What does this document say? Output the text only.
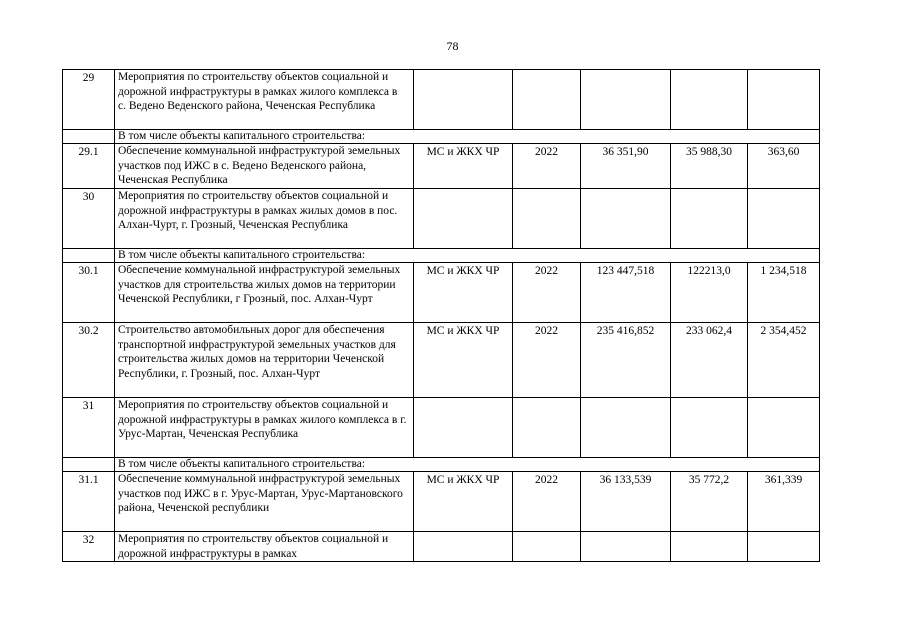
78
29	Мероприятия по строительству объектов социальной и дорожной инфраструктуры в рамках жилого комплекса в с. Ведено Веденского района, Чеченская Республика					
	В том числе объекты капитального строительства:					
29.1	Обеспечение коммунальной инфраструктурой земельных участков под ИЖС в с. Ведено Веденского района, Чеченская Республика	МС и ЖКХ ЧР	2022	36 351,90	35 988,30	363,60
30	Мероприятия по строительству объектов социальной и дорожной инфраструктуры в рамках жилых домов в пос. Алхан-Чурт, г. Грозный, Чеченская Республика					
	В том числе объекты капитального строительства:					
30.1	Обеспечение коммунальной инфраструктурой земельных участков для строительства жилых домов на территории Чеченской Республики, г Грозный, пос. Алхан-Чурт	МС и ЖКХ ЧР	2022	123 447,518	122213,0	1 234,518
30.2	Строительство автомобильных дорог для обеспечения транспортной инфраструктурой земельных участков для строительства жилых домов на территории Чеченской Республики, г. Грозный, пос. Алхан-Чурт	МС и ЖКХ ЧР	2022	235 416,852	233 062,4	2 354,452
31	Мероприятия по строительству объектов социальной и дорожной инфраструктуры в рамках жилого комплекса в г. Урус-Мартан, Чеченская Республика					
	В том числе объекты капитального строительства:					
31.1	Обеспечение коммунальной инфраструктурой земельных участков под ИЖС в г. Урус-Мартан, Урус-Мартановского района, Чеченской республики	МС и ЖКХ ЧР	2022	36 133,539	35 772,2	361,339
32	Мероприятия по строительству объектов социальной и дорожной инфраструктуры в рамках					
